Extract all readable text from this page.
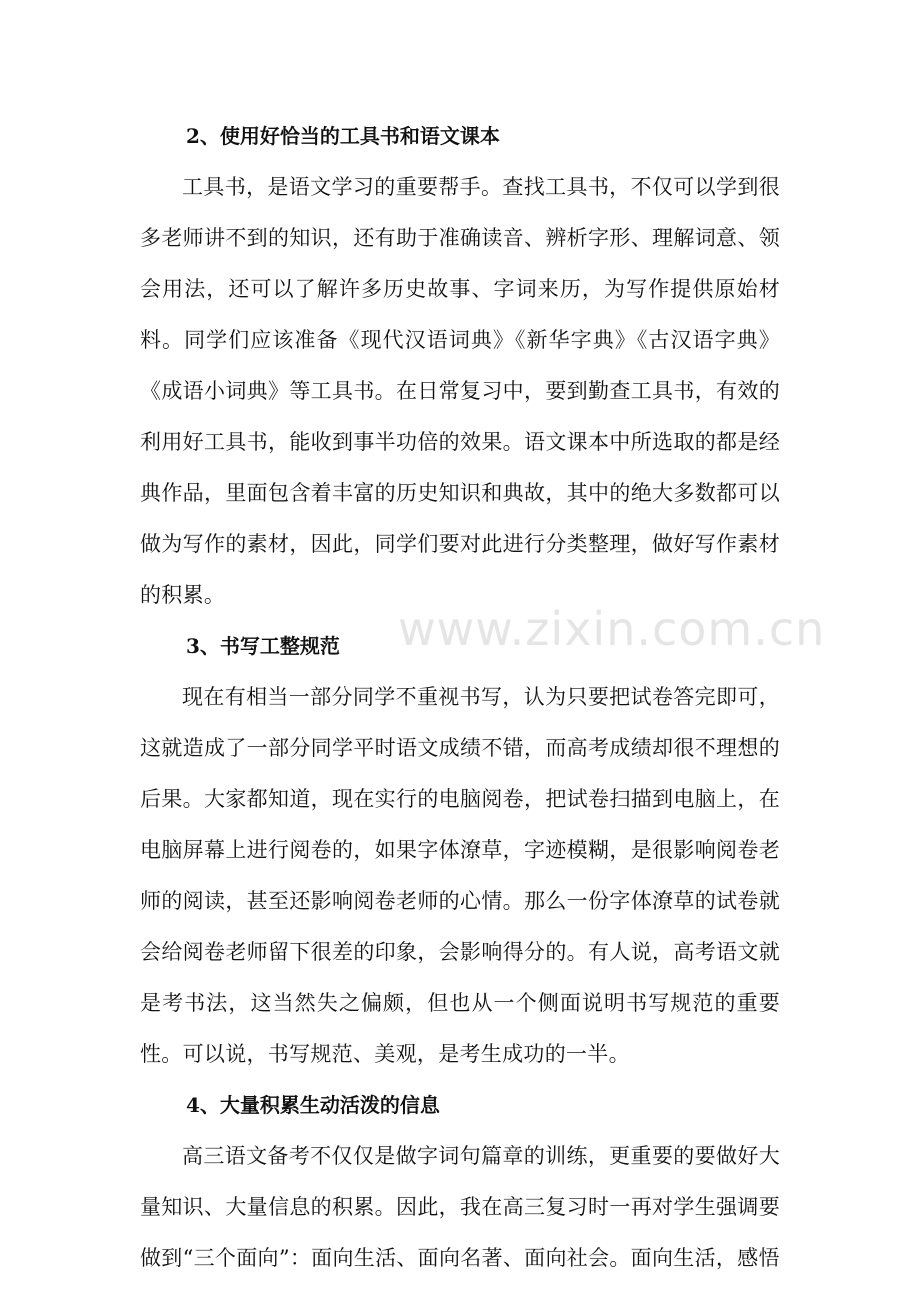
2、使用好恰当的工具书和语文课本

工具书，是语文学习的重要帮手。查找工具书，不仅可以学到很多老师讲不到的知识，还有助于准确读音、辨析字形、理解词意、领会用法，还可以了解许多历史故事、字词来历，为写作提供原始材料。同学们应该准备《现代汉语词典》《新华字典》《古汉语字典》《成语小词典》等工具书。在日常复习中，要到勤查工具书，有效的利用好工具书，能收到事半功倍的效果。语文课本中所选取的都是经典作品，里面包含着丰富的历史知识和典故，其中的绝大多数都可以做为写作的素材，因此，同学们要对此进行分类整理，做好写作素材的积累。

3、书写工整规范

现在有相当一部分同学不重视书写，认为只要把试卷答完即可，这就造成了一部分同学平时语文成绩不错，而高考成绩却很不理想的后果。大家都知道，现在实行的电脑阅卷，把试卷扫描到电脑上，在电脑屏幕上进行阅卷的，如果字体潦草，字迹模糊，是很影响阅卷老师的阅读，甚至还影响阅卷老师的心情。那么一份字体潦草的试卷就会给阅卷老师留下很差的印象，会影响得分的。有人说，高考语文就是考书法，这当然失之偏颇，但也从一个侧面说明书写规范的重要性。可以说，书写规范、美观，是考生成功的一半。

4、大量积累生动活泼的信息

高三语文备考不仅仅是做字词句篇章的训练，更重要的要做好大量知识、大量信息的积累。因此，我在高三复习时一再对学生强调要做到“三个面向”：面向生活、面向名著、面向社会。面向生活，感悟

www.zixin.com.cn
